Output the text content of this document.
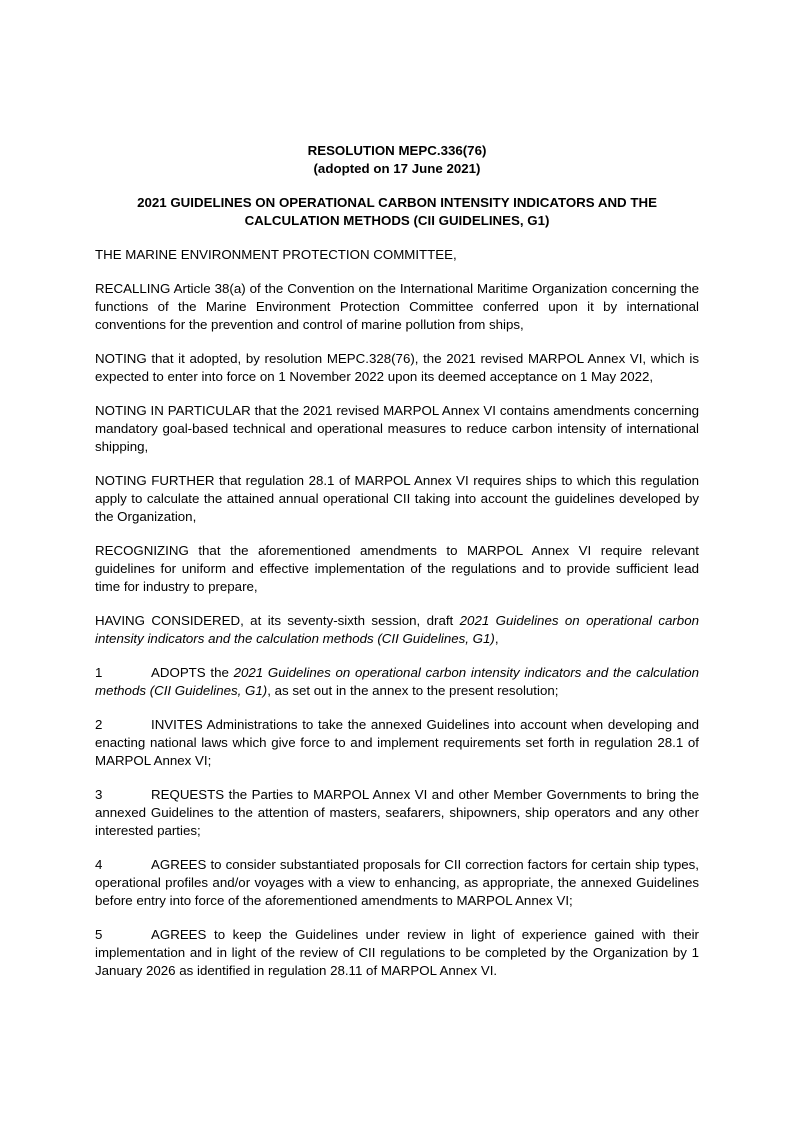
RESOLUTION MEPC.336(76)

(adopted on 17 June 2021)

2021 GUIDELINES ON OPERATIONAL CARBON INTENSITY INDICATORS AND THE

CALCULATION METHODS (CII GUIDELINES, G1)

THE MARINE ENVIRONMENT PROTECTION COMMITTEE,

RECALLING Article 38(a) of the Convention on the International Maritime Organization concerning the functions of the Marine Environment Protection Committee conferred upon it by international conventions for the prevention and control of marine pollution from ships,

NOTING that it adopted, by resolution MEPC.328(76), the 2021 revised MARPOL Annex VI, which is expected to enter into force on 1 November 2022 upon its deemed acceptance on 1 May 2022,

NOTING IN PARTICULAR that the 2021 revised MARPOL Annex VI contains amendments concerning mandatory goal-based technical and operational measures to reduce carbon intensity of international shipping,

NOTING FURTHER that regulation 28.1 of MARPOL Annex VI requires ships to which this regulation apply to calculate the attained annual operational CII taking into account the guidelines developed by the Organization,

RECOGNIZING that the aforementioned amendments to MARPOL Annex VI require relevant guidelines for uniform and effective implementation of the regulations and to provide sufficient lead time for industry to prepare,

HAVING CONSIDERED, at its seventy-sixth session, draft 2021 Guidelines on operational carbon intensity indicators and the calculation methods (CII Guidelines, G1),

1	ADOPTS the 2021 Guidelines on operational carbon intensity indicators and the calculation methods (CII Guidelines, G1), as set out in the annex to the present resolution;

2	INVITES Administrations to take the annexed Guidelines into account when developing and enacting national laws which give force to and implement requirements set forth in regulation 28.1 of MARPOL Annex VI;

3	REQUESTS the Parties to MARPOL Annex VI and other Member Governments to bring the annexed Guidelines to the attention of masters, seafarers, shipowners, ship operators and any other interested parties;

4	AGREES to consider substantiated proposals for CII correction factors for certain ship types, operational profiles and/or voyages with a view to enhancing, as appropriate, the annexed Guidelines before entry into force of the aforementioned amendments to MARPOL Annex VI;

5	AGREES to keep the Guidelines under review in light of experience gained with their implementation and in light of the review of CII regulations to be completed by the Organization by 1 January 2026 as identified in regulation 28.11 of MARPOL Annex VI.
